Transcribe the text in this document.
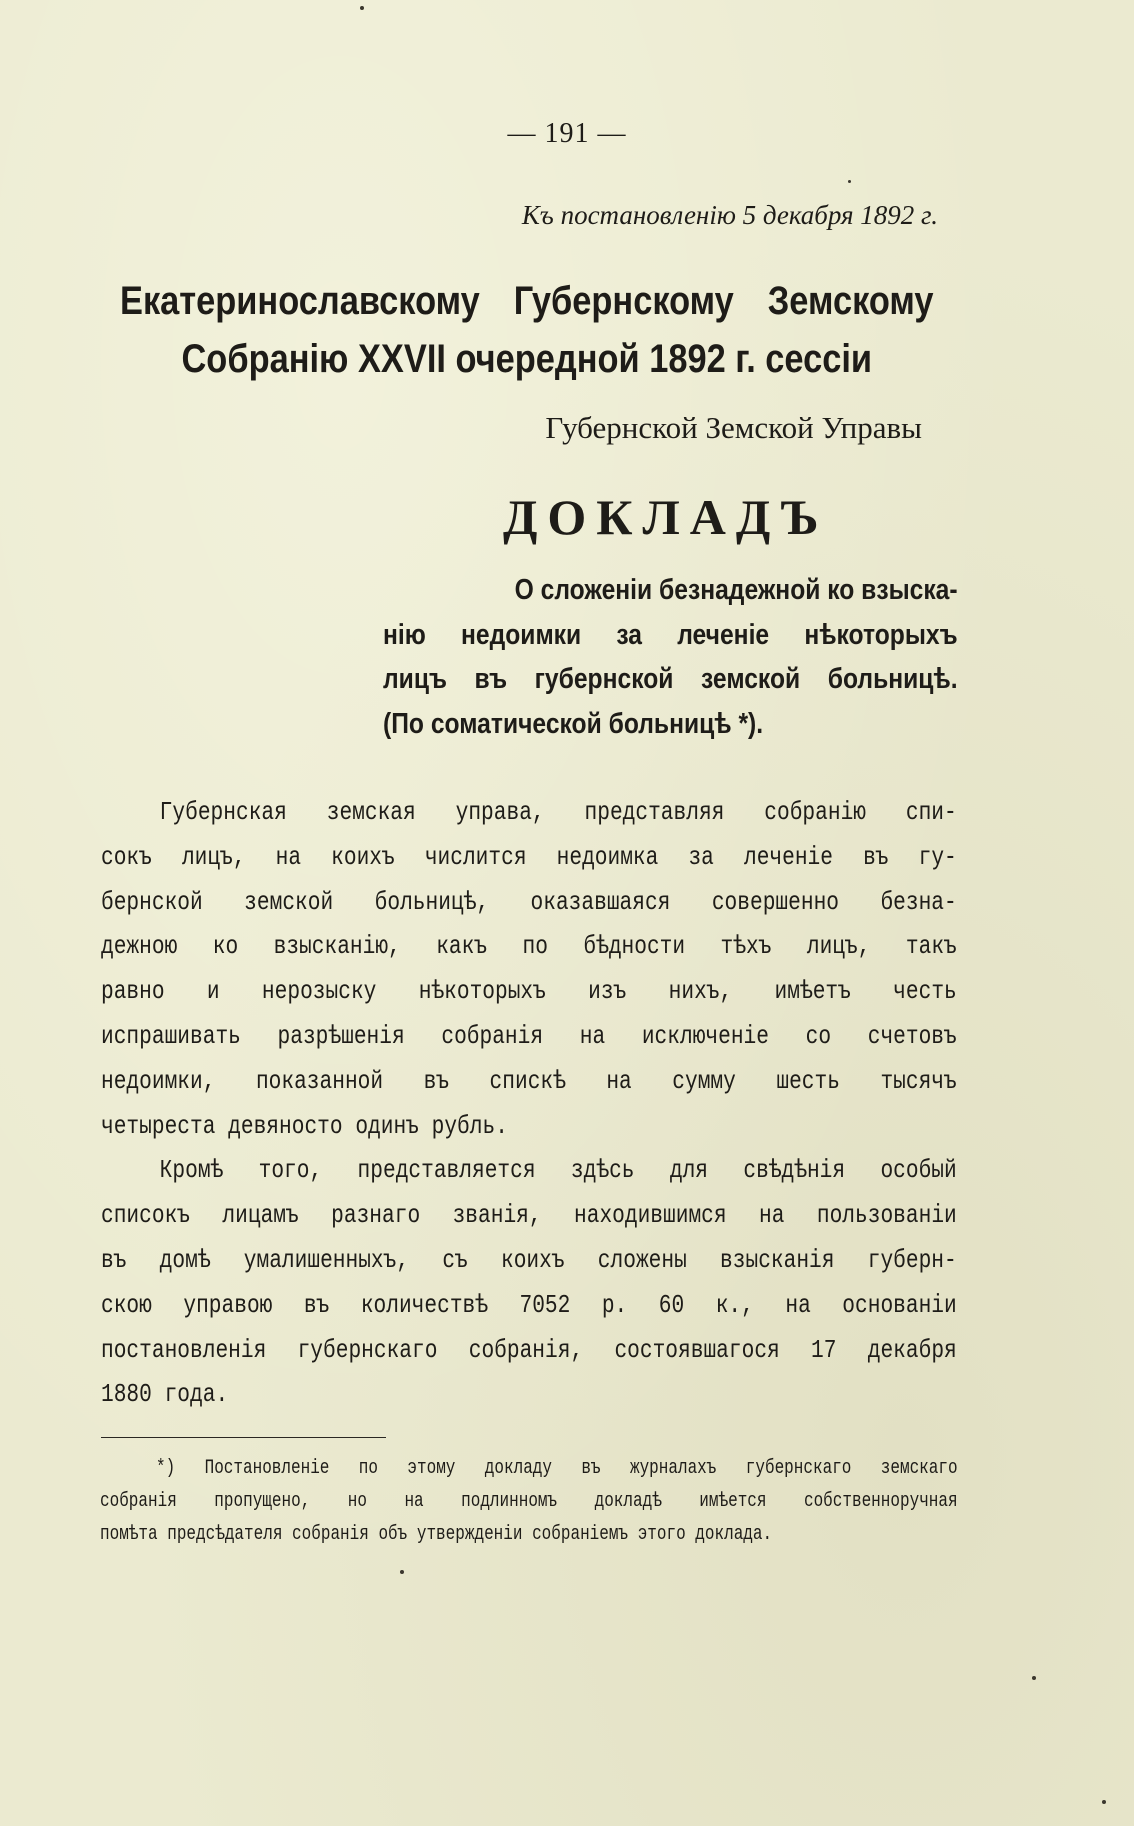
— 191 —
Къ постановленію 5 декабря 1892 г.
Екатеринославскому Губернскому Земскому
Собранію XXVII очередной 1892 г. сессіи
Губернской Земской Управы
ДОКЛАДЪ
О сложеніи безнадежной ко взыска-
нію недоимки за леченіе нѣкоторыхъ
лицъ въ губернской земской больницѣ.
(По соматической больницѣ *).
Губернская земская управа, представляя собранію спи-
сокъ лицъ, на коихъ числится недоимка за леченіе въ гу-
бернской земской больницѣ, оказавшаяся совершенно безна-
дежною ко взысканію, какъ по бѣдности тѣхъ лицъ, такъ
равно и нерозыску нѣкоторыхъ изъ нихъ, имѣетъ честь
испрашивать разрѣшенія собранія на исключеніе со счетовъ
недоимки, показанной въ спискѣ на сумму шесть тысячъ
четыреста девяносто одинъ рубль.
Кромѣ того, представляется здѣсь для свѣдѣнія особый
списокъ лицамъ разнаго званія, находившимся на пользованіи
въ домѣ умалишенныхъ, съ коихъ сложены взысканія губерн-
скою управою въ количествѣ 7052 р. 60 к., на основаніи
постановленія губернскаго собранія, состоявшагося 17 декабря
1880 года.
*) Постановленіе по этому докладу въ журналахъ губернскаго земскаго
собранія пропущено, но на подлинномъ докладѣ имѣется собственноручная
помѣта предсѣдателя собранія объ утвержденіи собраніемъ этого доклада.
